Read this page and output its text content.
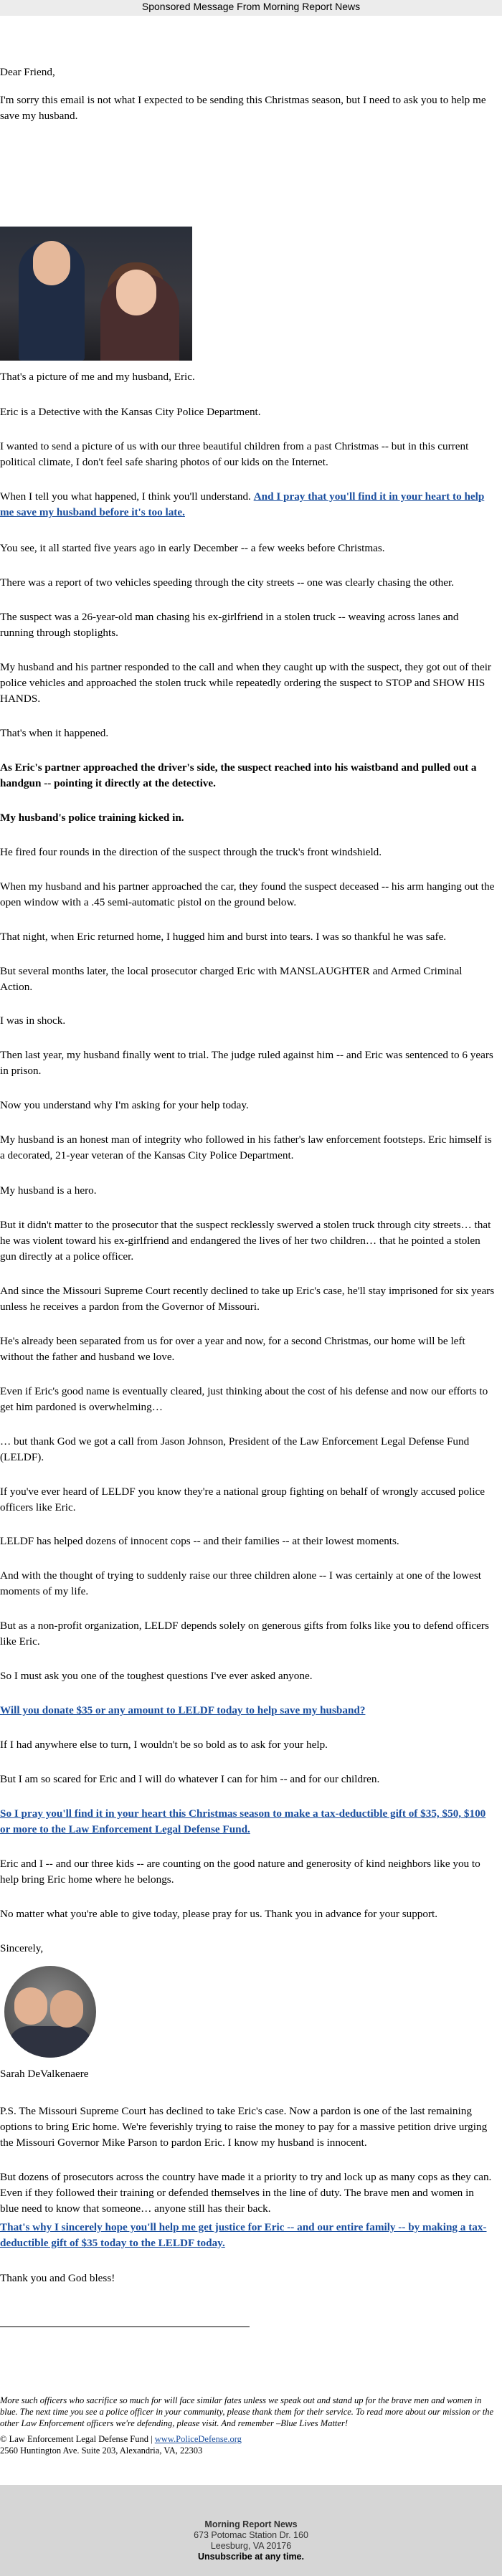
Sponsored Message From Morning Report News

Dear Friend,

I'm sorry this email is not what I expected to be sending this Christmas season, but I need to ask you to help me save my husband.

That's a picture of me and my husband, Eric.

Eric is a Detective with the Kansas City Police Department.

I wanted to send a picture of us with our three beautiful children from a past Christmas -- but in this current political climate, I don't feel safe sharing photos of our kids on the Internet.

When I tell you what happened, I think you'll understand. And I pray that you'll find it in your heart to help me save my husband before it's too late.

You see, it all started five years ago in early December -- a few weeks before Christmas.

There was a report of two vehicles speeding through the city streets -- one was clearly chasing the other.

The suspect was a 26-year-old man chasing his ex-girlfriend in a stolen truck -- weaving across lanes and running through stoplights.

My husband and his partner responded to the call and when they caught up with the suspect, they got out of their police vehicles and approached the stolen truck while repeatedly ordering the suspect to STOP and SHOW HIS HANDS.

That's when it happened.

As Eric's partner approached the driver's side, the suspect reached into his waistband and pulled out a handgun -- pointing it directly at the detective.

My husband's police training kicked in.

He fired four rounds in the direction of the suspect through the truck's front windshield.

When my husband and his partner approached the car, they found the suspect deceased -- his arm hanging out the open window with a .45 semi-automatic pistol on the ground below.

That night, when Eric returned home, I hugged him and burst into tears. I was so thankful he was safe.

But several months later, the local prosecutor charged Eric with MANSLAUGHTER and Armed Criminal Action.

I was in shock.

Then last year, my husband finally went to trial. The judge ruled against him -- and Eric was sentenced to 6 years in prison.

Now you understand why I'm asking for your help today.

My husband is an honest man of integrity who followed in his father's law enforcement footsteps. Eric himself is a decorated, 21-year veteran of the Kansas City Police Department.

My husband is a hero.

But it didn't matter to the prosecutor that the suspect recklessly swerved a stolen truck through city streets… that he was violent toward his ex-girlfriend and endangered the lives of her two children… that he pointed a stolen gun directly at a police officer.

And since the Missouri Supreme Court recently declined to take up Eric's case, he'll stay imprisoned for six years unless he receives a pardon from the Governor of Missouri.

He's already been separated from us for over a year and now, for a second Christmas, our home will be left without the father and husband we love.

Even if Eric's good name is eventually cleared, just thinking about the cost of his defense and now our efforts to get him pardoned is overwhelming…

… but thank God we got a call from Jason Johnson, President of the Law Enforcement Legal Defense Fund (LELDF).

If you've ever heard of LELDF you know they're a national group fighting on behalf of wrongly accused police officers like Eric.

LELDF has helped dozens of innocent cops -- and their families -- at their lowest moments.

And with the thought of trying to suddenly raise our three children alone -- I was certainly at one of the lowest moments of my life.

But as a non-profit organization, LELDF depends solely on generous gifts from folks like you to defend officers like Eric.

So I must ask you one of the toughest questions I've ever asked anyone.

Will you donate $35 or any amount to LELDF today to help save my husband?

If I had anywhere else to turn, I wouldn't be so bold as to ask for your help.

But I am so scared for Eric and I will do whatever I can for him -- and for our children.

So I pray you'll find it in your heart this Christmas season to make a tax-deductible gift of $35, $50, $100 or more to the Law Enforcement Legal Defense Fund.

Eric and I -- and our three kids -- are counting on the good nature and generosity of kind neighbors like you to help bring Eric home where he belongs.

No matter what you're able to give today, please pray for us. Thank you in advance for your support.

Sincerely,

Sarah DeValkenaere

P.S. The Missouri Supreme Court has declined to take Eric's case. Now a pardon is one of the last remaining options to bring Eric home. We're feverishly trying to raise the money to pay for a massive petition drive urging the Missouri Governor Mike Parson to pardon Eric. I know my husband is innocent.

But dozens of prosecutors across the country have made it a priority to try and lock up as many cops as they can. Even if they followed their training or defended themselves in the line of duty. The brave men and women in blue need to know that someone… anyone still has their back.

That's why I sincerely hope you'll help me get justice for Eric -- and our entire family -- by making a tax-deductible gift of $35 today to the LELDF today.

Thank you and God bless!

More such officers who sacrifice so much for will face similar fates unless we speak out and stand up for the brave men and women in blue. The next time you see a police officer in your community, please thank them for their service. To read more about our mission or the other Law Enforcement officers we're defending, please visit. And remember –Blue Lives Matter!

© Law Enforcement Legal Defense Fund | www.PoliceDefense.org

2560 Huntington Ave. Suite 203, Alexandria, VA, 22303

Morning Report News
673 Potomac Station Dr. 160
Leesburg, VA 20176
Unsubscribe at any time.
